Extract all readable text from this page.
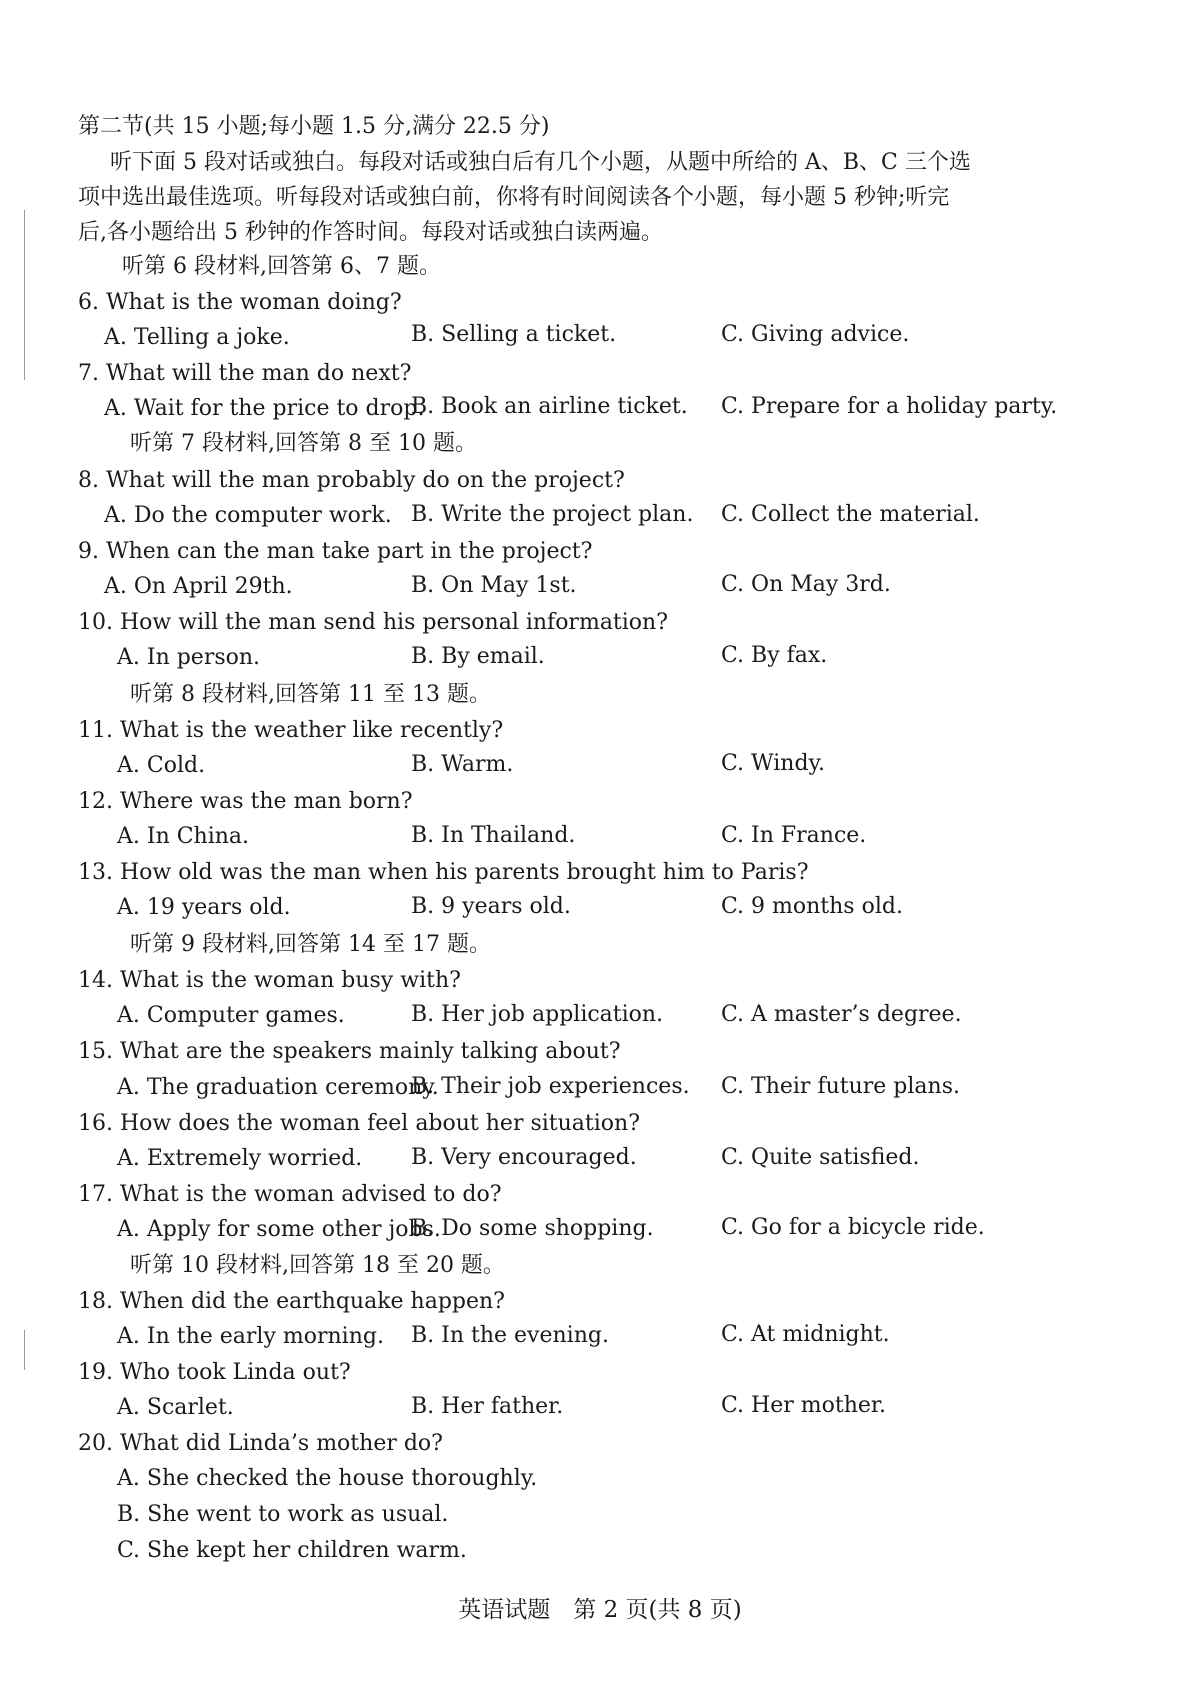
第二节(共 15 小题;每小题 1.5 分,满分 22.5 分)
听下面 5 段对话或独白。每段对话或独白后有几个小题，从题中所给的 A、B、C 三个选
项中选出最佳选项。听每段对话或独白前，你将有时间阅读各个小题，每小题 5 秒钟;听完
后,各小题给出 5 秒钟的作答时间。每段对话或独白读两遍。
听第 6 段材料,回答第 6、7 题。
6. What is the woman doing?
A. Telling a joke.	B. Selling a ticket.	C. Giving advice.
7. What will the man do next?
A. Wait for the price to drop.
B. Book an airline ticket. C. Prepare for a holiday party.
听第 7 段材料,回答第 8 至 10 题。
8. What will the man probably do on the project?
A. Do the computer work. B. Write the project plan. C. Collect the material.
9. When can the man take part in the project?
A. On April 29th.	B. On May 1st.	C. On May 3rd.
10. How will the man send his personal information?
A. In person.	B. By email.	C. By fax.
听第 8 段材料,回答第 11 至 13 题。
11. What is the weather like recently?
A. Cold.	B. Warm.	C. Windy.
12. Where was the man born?
A. In China.	B. In Thailand.	C. In France.
13. How old was the man when his parents brought him to Paris?
A. 19 years old.	B. 9 years old.	C. 9 months old.
听第 9 段材料,回答第 14 至 17 题。
14. What is the woman busy with?
A. Computer games.	B. Her job application.	C. A master’s degree.
15. What are the speakers mainly talking about?
A. The graduation ceremony.
B. Their job experiences. C. Their future plans.
16. How does the woman feel about her situation?
A. Extremely worried. B. Very encouraged.	C. Quite satisfied.
17. What is the woman advised to do?
A. Apply for some other jobs.
B. Do some shopping.	C. Go for a bicycle ride.
听第 10 段材料,回答第 18 至 20 题。
18. When did the earthquake happen?
A. In the early morning. B. In the evening.	C. At midnight.
19. Who took Linda out?
A. Scarlet.	B. Her father.	C. Her mother.
20. What did Linda’s mother do?
A. She checked the house thoroughly.
B. She went to work as usual.
C. She kept her children warm.
英语试题　第 2 页(共 8 页)
